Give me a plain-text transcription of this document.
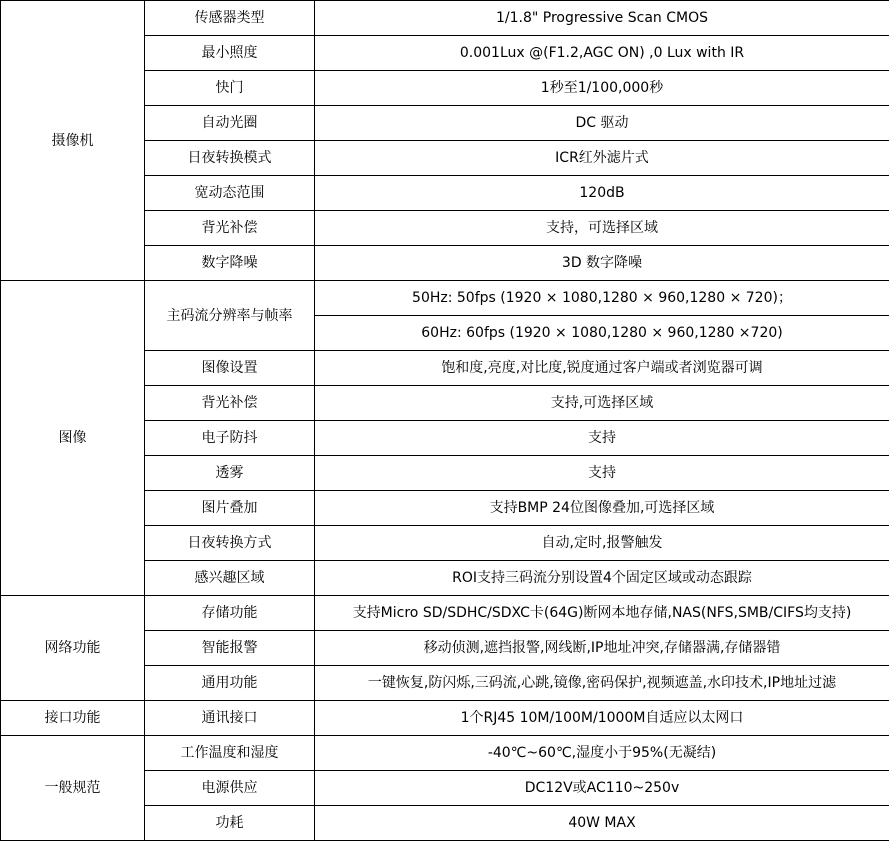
摄像机	传感器类型	1/1.8" Progressive Scan CMOS
	最小照度	0.001Lux @(F1.2,AGC ON) ,0 Lux with IR
	快门	1秒至1/100,000秒
	自动光圈	DC 驱动
	日夜转换模式	ICR红外滤片式
	宽动态范围	120dB
	背光补偿	支持，可选择区域
	数字降噪	3D 数字降噪
图像	主码流分辨率与帧率	50Hz: 50fps (1920 × 1080,1280 × 960,1280 × 720)；
		60Hz: 60fps (1920 × 1080,1280 × 960,1280 ×720)
	图像设置	饱和度,亮度,对比度,锐度通过客户端或者浏览器可调
	背光补偿	支持,可选择区域
	电子防抖	支持
	透雾	支持
	图片叠加	支持BMP 24位图像叠加,可选择区域
	日夜转换方式	自动,定时,报警触发
	感兴趣区域	ROI支持三码流分别设置4个固定区域或动态跟踪
网络功能	存储功能	支持Micro SD/SDHC/SDXC卡(64G)断网本地存储,NAS(NFS,SMB/CIFS均支持)
	智能报警	移动侦测,遮挡报警,网线断,IP地址冲突,存储器满,存储器错
	通用功能	一键恢复,防闪烁,三码流,心跳,镜像,密码保护,视频遮盖,水印技术,IP地址过滤
接口功能	通讯接口	1个RJ45 10M/100M/1000M自适应以太网口
一般规范	工作温度和湿度	-40℃~60℃,湿度小于95%(无凝结)
	电源供应	DC12V或AC110~250v
	功耗	40W MAX
